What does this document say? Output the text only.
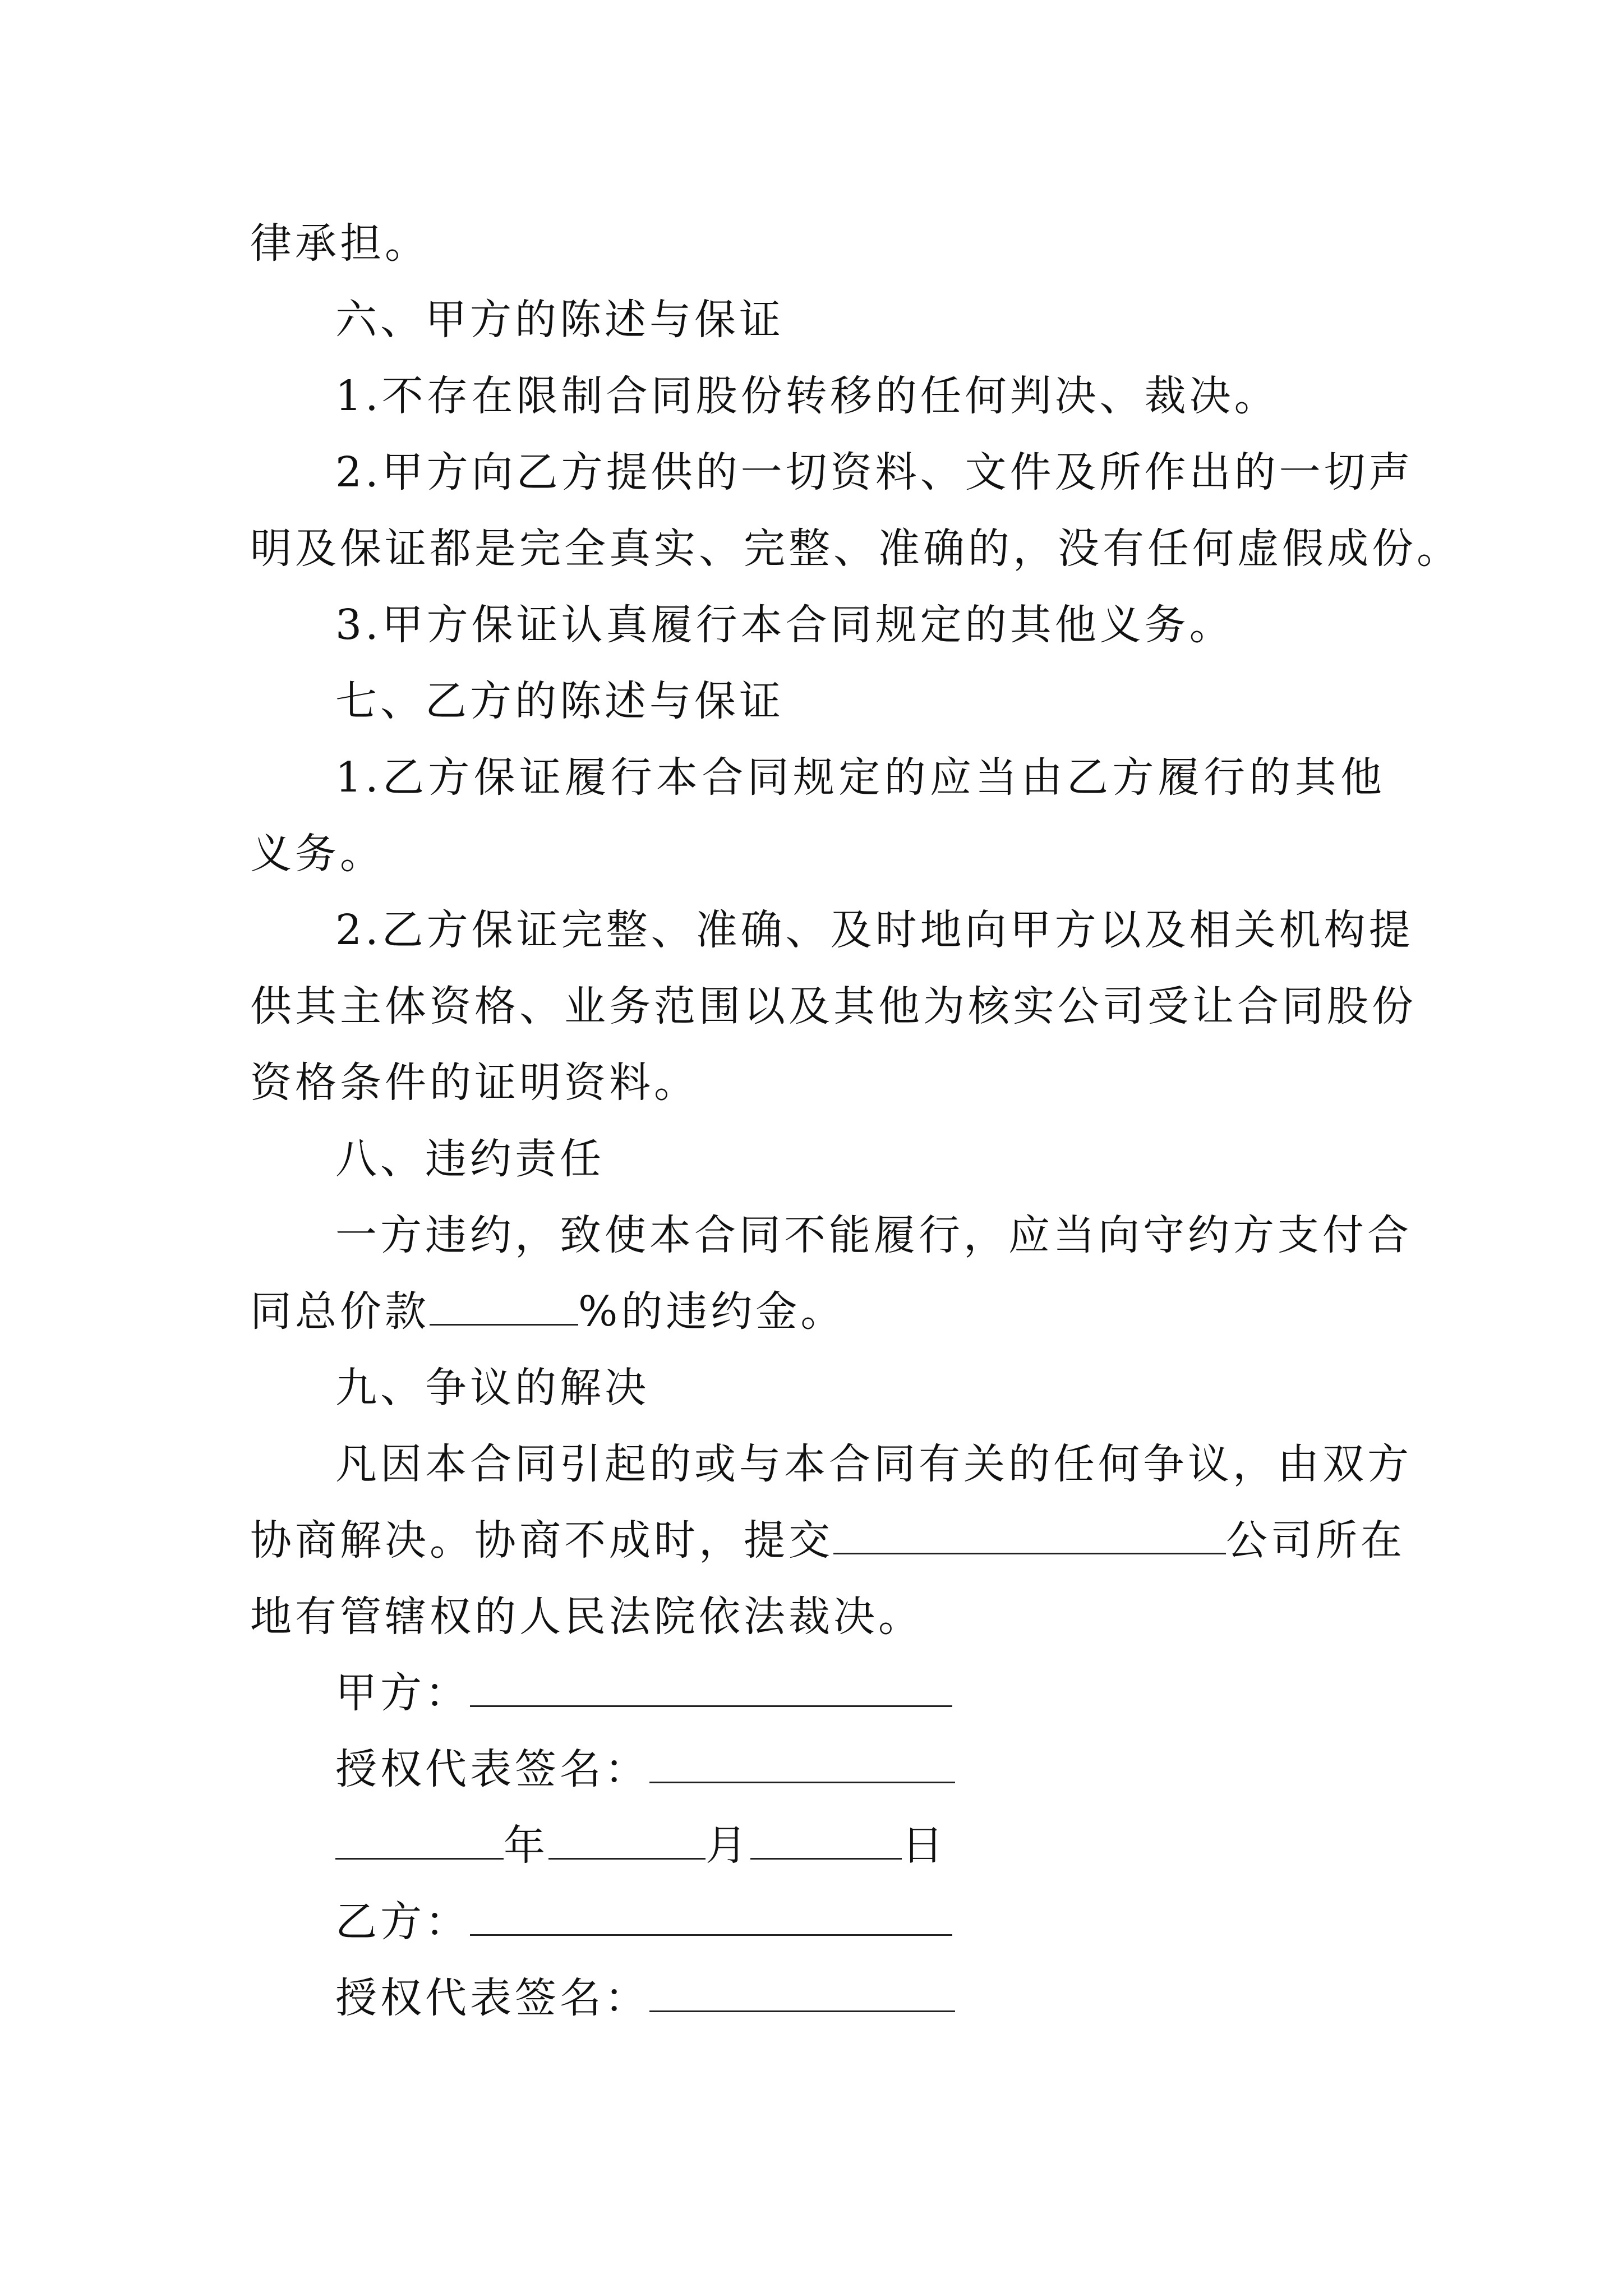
律承担。
六、甲方的陈述与保证
1.不存在限制合同股份转移的任何判决、裁决。
2.甲方向乙方提供的一切资料、文件及所作出的一切声
明及保证都是完全真实、完整、准确的，没有任何虚假成份。
3.甲方保证认真履行本合同规定的其他义务。
七、乙方的陈述与保证
1.乙方保证履行本合同规定的应当由乙方履行的其他
义务。
2.乙方保证完整、准确、及时地向甲方以及相关机构提
供其主体资格、业务范围以及其他为核实公司受让合同股份
资格条件的证明资料。
八、违约责任
一方违约，致使本合同不能履行，应当向守约方支付合
同总价款	%的违约金。
九、争议的解决
凡因本合同引起的或与本合同有关的任何争议，由双方
协商解决。协商不成时，提交	公司所在
地有管辖权的人民法院依法裁决。
甲方：
授权代表签名：
年	月	日
乙方：
授权代表签名：
